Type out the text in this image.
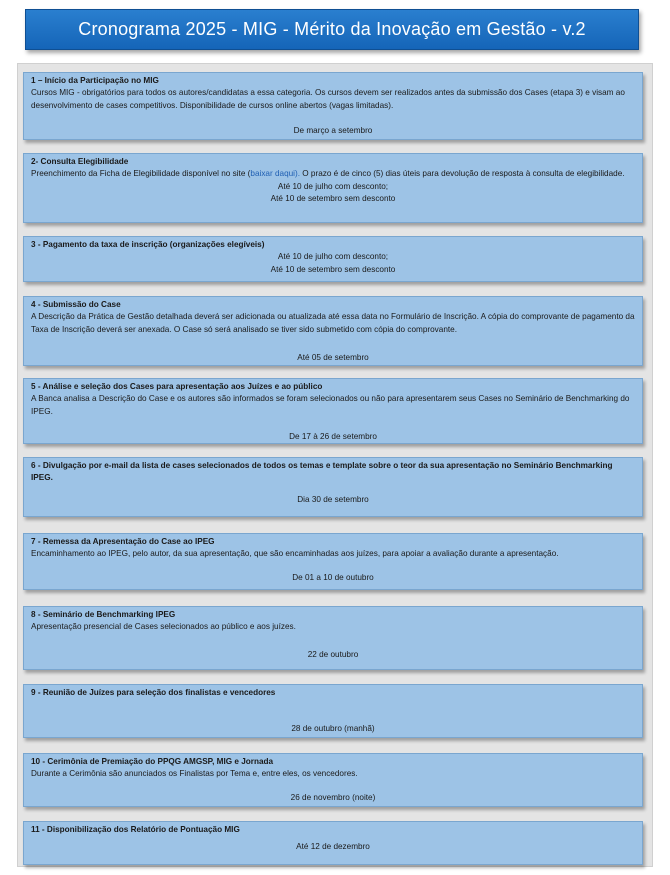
Cronograma 2025 - MIG - Mérito da Inovação em Gestão - v.2
1 – Início da Participação no MIG
Cursos MIG - obrigatórios para todos os autores/candidatas a essa categoria. Os cursos devem ser realizados antes da submissão dos Cases (etapa 3) e visam ao desenvolvimento de cases competitivos. Disponibilidade de cursos online abertos (vagas limitadas).
De março a setembro
2- Consulta Elegibilidade
Preenchimento da Ficha de Elegibilidade disponível no site (baixar daqui). O prazo é de cinco (5) dias úteis para devolução de resposta à consulta de elegibilidade.
Até 10 de julho com desconto;
Até 10 de setembro sem desconto
3 - Pagamento da taxa de inscrição (organizações elegíveis)
Até 10 de julho com desconto;
Até 10 de setembro sem desconto
4 - Submissão do Case
A Descrição da Prática de Gestão detalhada deverá ser adicionada ou atualizada até essa data no Formulário de Inscrição. A cópia do comprovante de pagamento da Taxa de Inscrição deverá ser anexada. O Case só será analisado se tiver sido submetido com cópia do comprovante.
Até 05 de setembro
5 - Análise e seleção dos Cases para apresentação aos Juízes e ao público
A Banca analisa a Descrição do Case e os autores são informados se foram selecionados ou não para apresentarem seus Cases no Seminário de Benchmarking do IPEG.
De 17 à 26 de setembro
6 - Divulgação por e-mail da lista de cases selecionados de todos os temas e template sobre o teor da sua apresentação no Seminário Benchmarking IPEG.
Dia 30 de setembro
7 - Remessa da Apresentação do Case ao IPEG
Encaminhamento ao IPEG, pelo autor, da sua apresentação, que são encaminhadas aos juízes, para apoiar a avaliação durante a apresentação.
De 01 a 10 de outubro
8 - Seminário de Benchmarking IPEG
Apresentação presencial de Cases selecionados ao público e aos juízes.
22 de outubro
9 - Reunião de Juízes para seleção dos finalistas e vencedores
28 de outubro (manhã)
10 - Cerimônia de Premiação do PPQG AMGSP, MIG e Jornada
Durante a Cerimônia são anunciados os Finalistas por Tema e, entre eles, os vencedores.
26 de novembro (noite)
11 - Disponibilização dos Relatório de Pontuação MIG
Até 12 de dezembro
